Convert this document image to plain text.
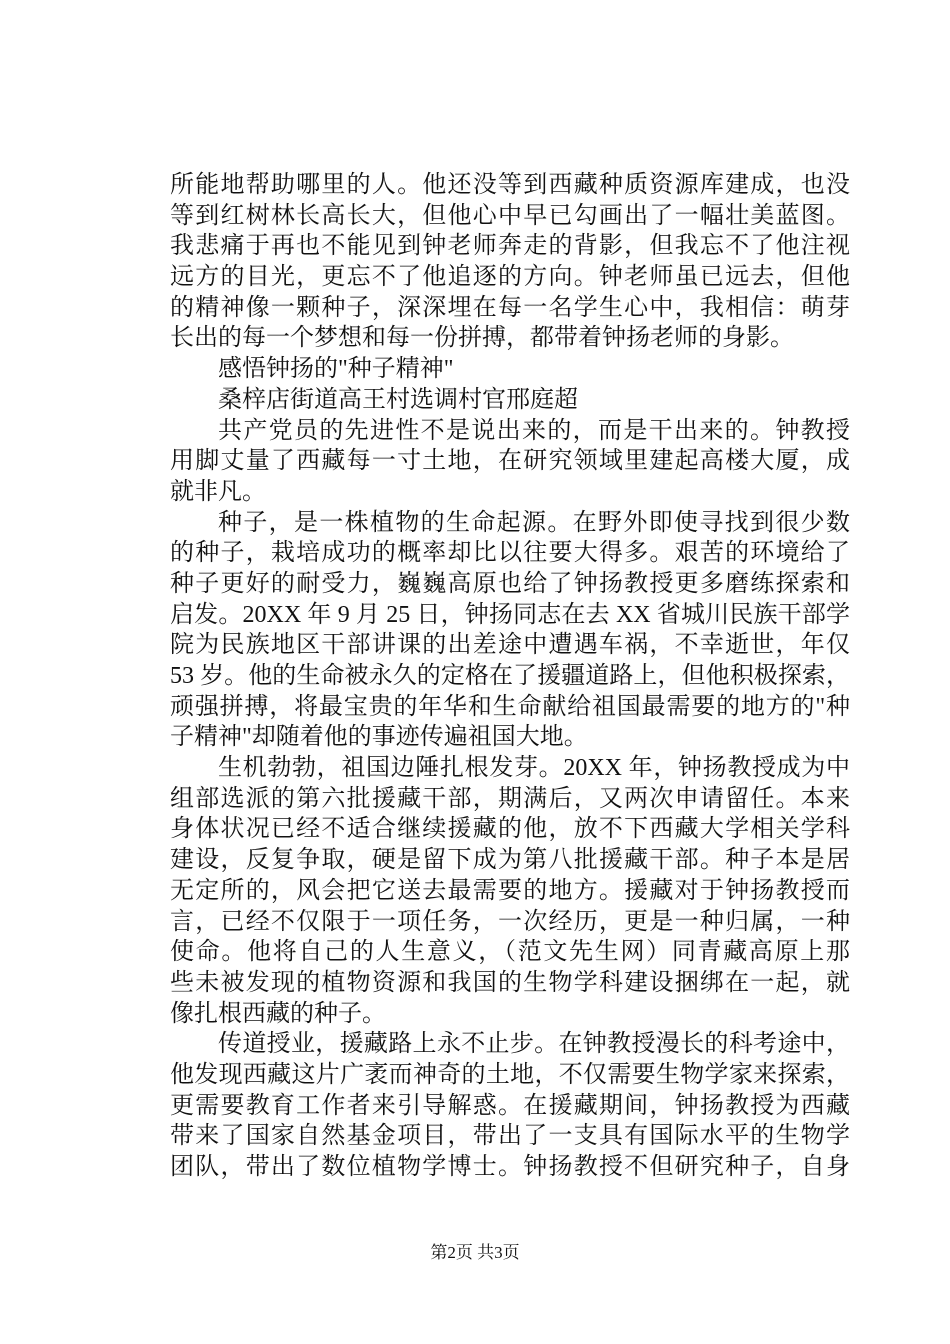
所能地帮助哪里的人。他还没等到西藏种质资源库建成，也没
等到红树林长高长大，但他心中早已勾画出了一幅壮美蓝图。
我悲痛于再也不能见到钟老师奔走的背影，但我忘不了他注视
远方的目光，更忘不了他追逐的方向。钟老师虽已远去，但他
的精神像一颗种子，深深埋在每一名学生心中，我相信：萌芽
长出的每一个梦想和每一份拼搏，都带着钟扬老师的身影。
感悟钟扬的"种子精神"
桑梓店街道高王村选调村官邢庭超
共产党员的先进性不是说出来的，而是干出来的。钟教授
用脚丈量了西藏每一寸土地，在研究领域里建起高楼大厦，成
就非凡。
种子，是一株植物的生命起源。在野外即使寻找到很少数
的种子，栽培成功的概率却比以往要大得多。艰苦的环境给了
种子更好的耐受力，巍巍高原也给了钟扬教授更多磨练探索和
启发。20XX 年 9 月 25 日，钟扬同志在去 XX 省城川民族干部学
院为民族地区干部讲课的出差途中遭遇车祸，不幸逝世，年仅
53 岁。他的生命被永久的定格在了援疆道路上，但他积极探索，
顽强拼搏，将最宝贵的年华和生命献给祖国最需要的地方的"种
子精神"却随着他的事迹传遍祖国大地。
生机勃勃，祖国边陲扎根发芽。20XX 年，钟扬教授成为中
组部选派的第六批援藏干部，期满后，又两次申请留任。本来
身体状况已经不适合继续援藏的他，放不下西藏大学相关学科
建设，反复争取，硬是留下成为第八批援藏干部。种子本是居
无定所的，风会把它送去最需要的地方。援藏对于钟扬教授而
言，已经不仅限于一项任务，一次经历，更是一种归属，一种
使命。他将自己的人生意义，（范文先生网）同青藏高原上那
些未被发现的植物资源和我国的生物学科建设捆绑在一起，就
像扎根西藏的种子。
传道授业，援藏路上永不止步。在钟教授漫长的科考途中，
他发现西藏这片广袤而神奇的土地，不仅需要生物学家来探索，
更需要教育工作者来引导解惑。在援藏期间，钟扬教授为西藏
带来了国家自然基金项目，带出了一支具有国际水平的生物学
团队，带出了数位植物学博士。钟扬教授不但研究种子，自身
第2页 共3页
